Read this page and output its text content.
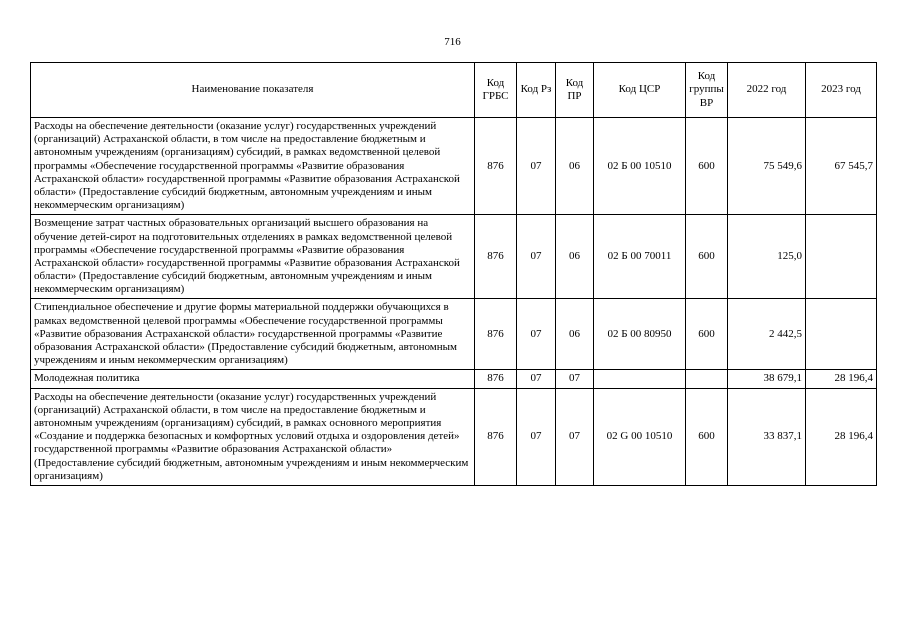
716
Наименование показателя	Код ГРБС	Код Рз	Код ПР	Код ЦСР	Код группы ВР	2022 год	2023 год
Расходы на обеспечение деятельности (оказание услуг) государственных учреждений (организаций) Астраханской области, в том числе на предоставление бюджетным и автономным учреждениям (организациям) субсидий, в рамках ведомственной целевой программы «Обеспечение государственной программы «Развитие образования Астраханской области» государственной программы «Развитие образования Астраханской области» (Предоставление субсидий бюджетным, автономным учреждениям и иным некоммерческим организациям)	876	07	06	02 Б 00 10510	600	75 549,6	67 545,7
Возмещение затрат частных образовательных организаций высшего образования на обучение детей-сирот на подготовительных отделениях в рамках ведомственной целевой программы «Обеспечение государственной программы «Развитие образования Астраханской области» государственной программы «Развитие образования Астраханской области» (Предоставление субсидий бюджетным, автономным учреждениям и иным некоммерческим организациям)	876	07	06	02 Б 00 70011	600	125,0	
Стипендиальное обеспечение и другие формы материальной поддержки обучающихся в рамках ведомственной целевой программы «Обеспечение государственной программы «Развитие образования Астраханской области» государственной программы «Развитие образования Астраханской области» (Предоставление субсидий бюджетным, автономным учреждениям и иным некоммерческим организациям)	876	07	06	02 Б 00 80950	600	2 442,5	
Молодежная политика	876	07	07			38 679,1	28 196,4
Расходы на обеспечение деятельности (оказание услуг) государственных учреждений (организаций) Астраханской области, в том числе на предоставление бюджетным и автономным учреждениям (организациям) субсидий, в рамках основного мероприятия «Создание и поддержка безопасных и комфортных условий отдыха и оздоровления детей» государственной программы «Развитие образования Астраханской области» (Предоставление субсидий бюджетным, автономным учреждениям и иным некоммерческим организациям)	876	07	07	02 G 00 10510	600	33 837,1	28 196,4
